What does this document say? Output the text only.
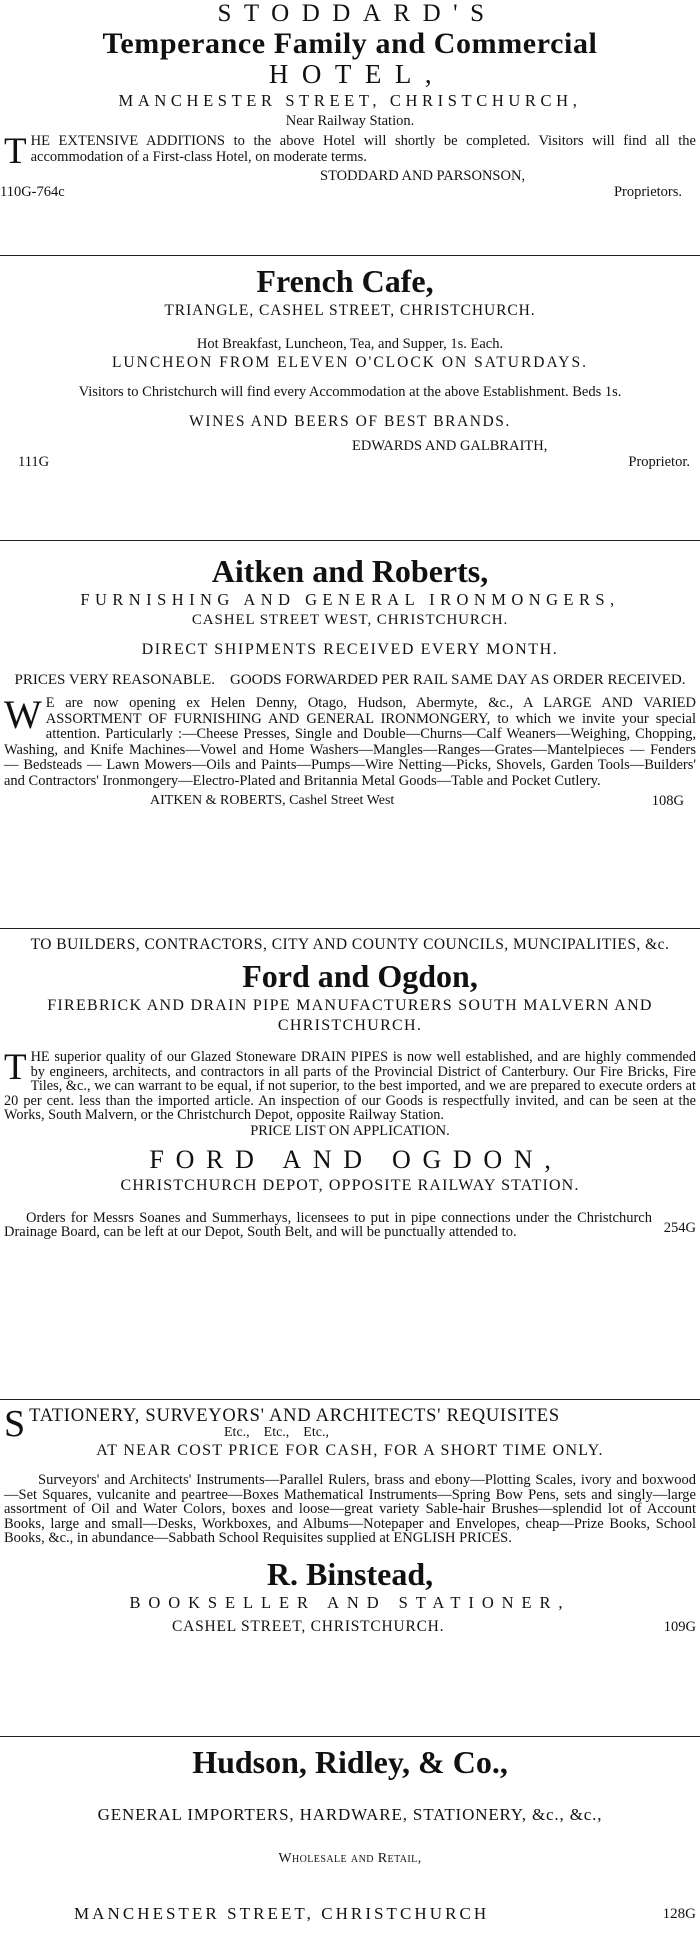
STODDARD'S

Temperance Family and Commercial

HOTEL,

MANCHESTER STREET, CHRISTCHURCH,

Near Railway Station.

T HE EXTENSIVE ADDITIONS to the above Hotel will shortly be completed. Visitors will find all the accommodation of a First-class Hotel, on moderate terms.

STODDARD AND PARSONSON,

110G-764c	Proprietors.

French Cafe,

TRIANGLE, CASHEL STREET, CHRISTCHURCH.

Hot Breakfast, Luncheon, Tea, and Supper, 1s. Each.

LUNCHEON FROM ELEVEN O'CLOCK ON SATURDAYS.

Visitors to Christchurch will find every Accommodation at the above Establishment. Beds 1s.

WINES AND BEERS OF BEST BRANDS.

EDWARDS AND GALBRAITH,

111G	Proprietor.

Aitken and Roberts,

FURNISHING AND GENERAL IRONMONGERS,

CASHEL STREET WEST, CHRISTCHURCH.

DIRECT SHIPMENTS RECEIVED EVERY MONTH.

PRICES VERY REASONABLE.    GOODS FORWARDED PER RAIL SAME DAY AS ORDER RECEIVED.

W E are now opening ex Helen Denny, Otago, Hudson, Abermyte, &c., A LARGE AND VARIED ASSORTMENT OF FURNISHING AND GENERAL IRONMONGERY, to which we invite your special attention. Particularly :—Cheese Presses, Single and Double—Churns—Calf Weaners—Weighing, Chopping, Washing, and Knife Machines—Vowel and Home Washers—Mangles—Ranges—Grates—Mantelpieces — Fenders — Bedsteads — Lawn Mowers—Oils and Paints—Pumps—Wire Netting—Picks, Shovels, Garden Tools—Builders' and Contractors' Ironmongery—Electro-Plated and Britannia Metal Goods—Table and Pocket Cutlery.

AITKEN & ROBERTS, Cashel Street West	108G

TO BUILDERS, CONTRACTORS, CITY AND COUNTY COUNCILS, MUNCIPALITIES, &c.

Ford and Ogdon,

FIREBRICK AND DRAIN PIPE MANUFACTURERS SOUTH MALVERN AND CHRISTCHURCH.

T HE superior quality of our Glazed Stoneware DRAIN PIPES is now well established, and are highly commended by engineers, architects, and contractors in all parts of the Provincial District of Canterbury. Our Fire Bricks, Fire Tiles, &c., we can warrant to be equal, if not superior, to the best imported, and we are prepared to execute orders at 20 per cent. less than the imported article. An inspection of our Goods is respectfully invited, and can be seen at the Works, South Malvern, or the Christchurch Depot, opposite Railway Station.

PRICE LIST ON APPLICATION.

FORD AND OGDON,

CHRISTCHURCH DEPOT, OPPOSITE RAILWAY STATION.

Orders for Messrs Soanes and Summerhays, licensees to put in pipe connections under the Christchurch Drainage Board, can be left at our Depot, South Belt, and will be punctually attended to.	254G
S TATIONERY, SURVEYORS' AND ARCHITECTS' REQUISITES

Etc.,    Etc.,    Etc.,

AT NEAR COST PRICE FOR CASH, FOR A SHORT TIME ONLY.

Surveyors' and Architects' Instruments—Parallel Rulers, brass and ebony—Plotting Scales, ivory and boxwood—Set Squares, vulcanite and peartree—Boxes Mathematical Instruments—Spring Bow Pens, sets and singly—large assortment of Oil and Water Colors, boxes and loose—great variety Sable-hair Brushes—splendid lot of Account Books, large and small—Desks, Workboxes, and Albums—Notepaper and Envelopes, cheap—Prize Books, School Books, &c., in abundance—Sabbath School Requisites supplied at ENGLISH PRICES.

R. Binstead,

BOOKSELLER AND STATIONER,

CASHEL STREET, CHRISTCHURCH.	109G

Hudson, Ridley, & Co.,

GENERAL IMPORTERS, HARDWARE, STATIONERY, &c., &c.,

Wholesale and Retail,

MANCHESTER STREET, CHRISTCHURCH	128G
